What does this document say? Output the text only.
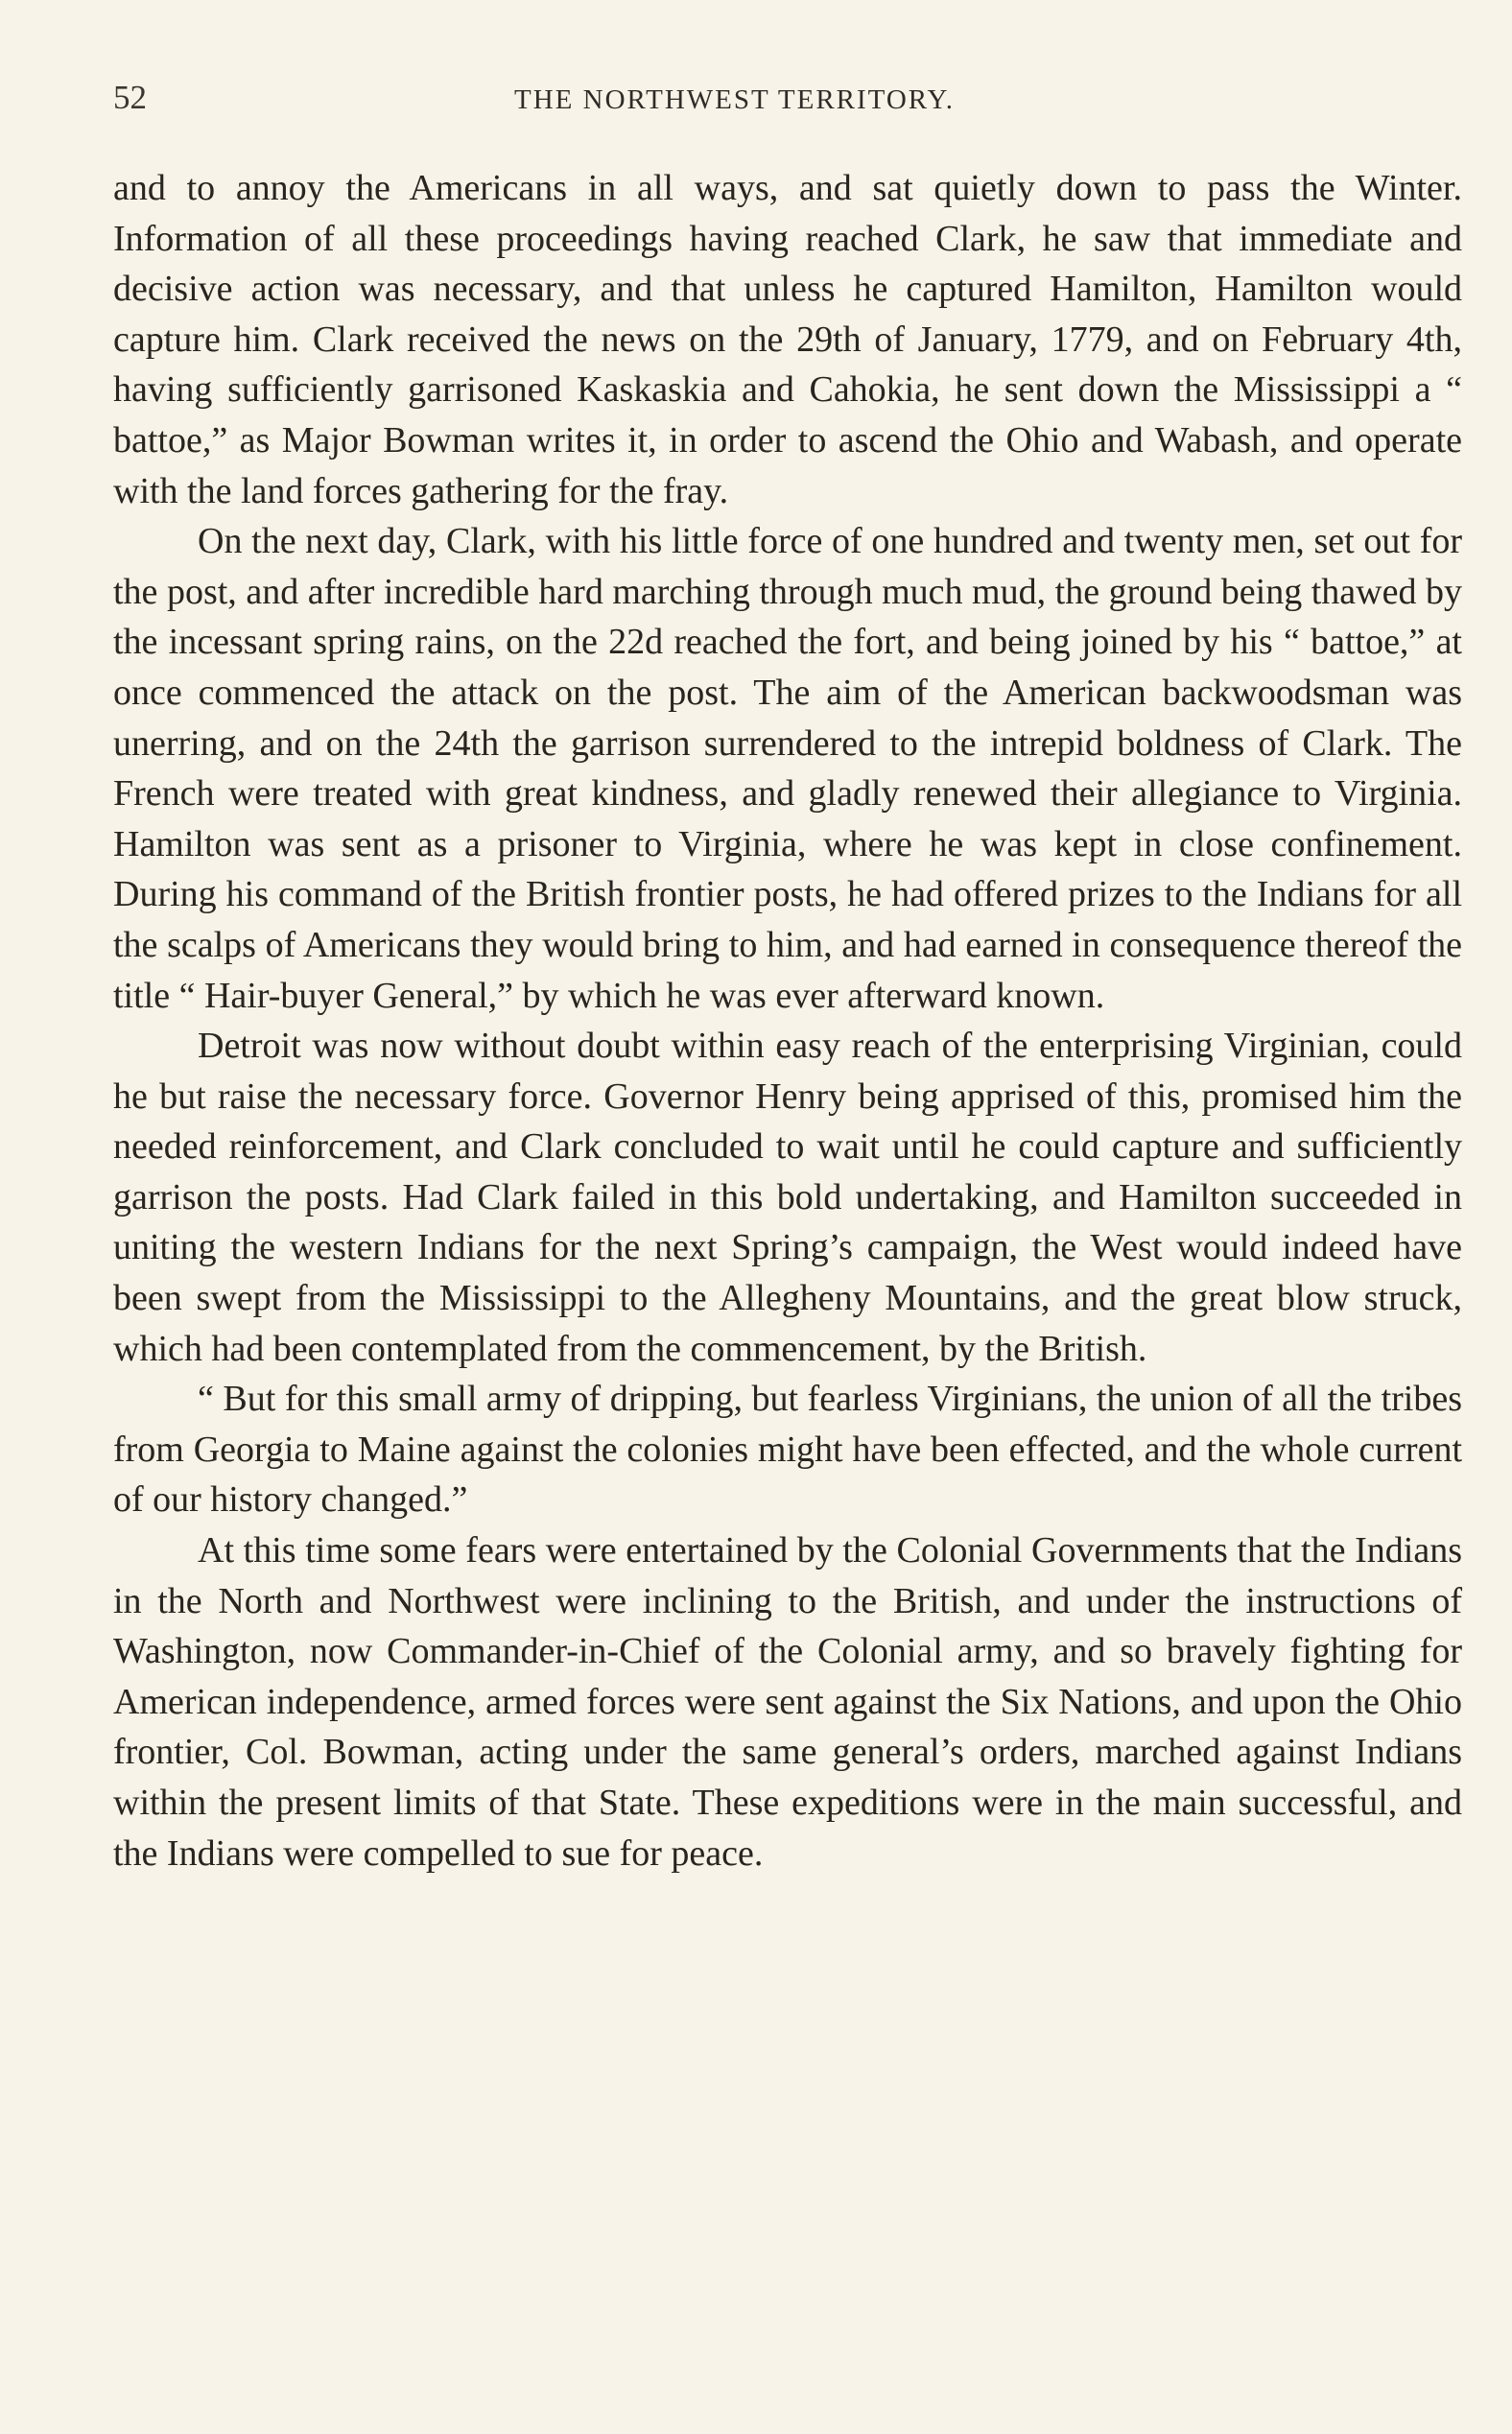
52	THE NORTHWEST TERRITORY.

and to annoy the Americans in all ways, and sat quietly down to pass the Winter. Information of all these proceedings having reached Clark, he saw that immediate and decisive action was necessary, and that unless he captured Hamilton, Hamilton would capture him. Clark received the news on the 29th of January, 1779, and on February 4th, having sufficiently garrisoned Kaskaskia and Cahokia, he sent down the Mississippi a “ battoe,” as Major Bowman writes it, in order to ascend the Ohio and Wabash, and operate with the land forces gathering for the fray.

On the next day, Clark, with his little force of one hundred and twenty men, set out for the post, and after incredible hard marching through much mud, the ground being thawed by the incessant spring rains, on the 22d reached the fort, and being joined by his “ battoe,” at once commenced the attack on the post. The aim of the American backwoodsman was unerring, and on the 24th the garrison surrendered to the intrepid boldness of Clark. The French were treated with great kindness, and gladly renewed their allegiance to Virginia. Hamilton was sent as a prisoner to Virginia, where he was kept in close confinement. During his command of the British frontier posts, he had offered prizes to the Indians for all the scalps of Americans they would bring to him, and had earned in consequence thereof the title “ Hair-buyer General,” by which he was ever afterward known.

Detroit was now without doubt within easy reach of the enterprising Virginian, could he but raise the necessary force. Governor Henry being apprised of this, promised him the needed reinforcement, and Clark concluded to wait until he could capture and sufficiently garrison the posts. Had Clark failed in this bold undertaking, and Hamilton succeeded in uniting the western Indians for the next Spring’s campaign, the West would indeed have been swept from the Mississippi to the Allegheny Mountains, and the great blow struck, which had been contemplated from the commencement, by the British.

“ But for this small army of dripping, but fearless Virginians, the union of all the tribes from Georgia to Maine against the colonies might have been effected, and the whole current of our history changed.”

At this time some fears were entertained by the Colonial Governments that the Indians in the North and Northwest were inclining to the British, and under the instructions of Washington, now Commander-in-Chief of the Colonial army, and so bravely fighting for American independence, armed forces were sent against the Six Nations, and upon the Ohio frontier, Col. Bowman, acting under the same general’s orders, marched against Indians within the present limits of that State. These expeditions were in the main successful, and the Indians were compelled to sue for peace.
